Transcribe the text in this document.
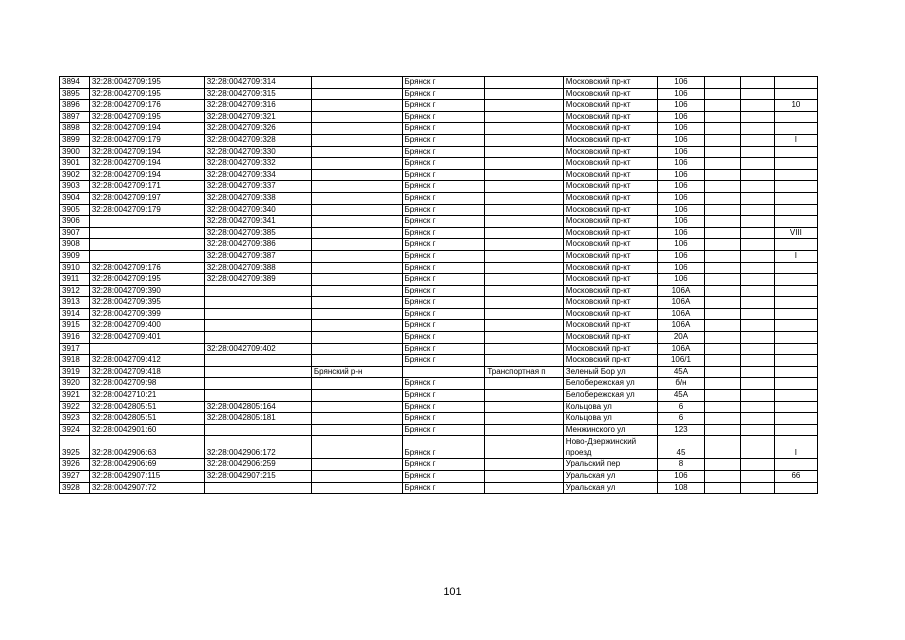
3894	32:28:0042709:195	32:28:0042709:314		Брянск г		Московский пр-кт	106			
3895	32:28:0042709:195	32:28:0042709:315		Брянск г		Московский пр-кт	106			
3896	32:28:0042709:176	32:28:0042709:316		Брянск г		Московский пр-кт	106			10
3897	32:28:0042709:195	32:28:0042709:321		Брянск г		Московский пр-кт	106			
3898	32:28:0042709:194	32:28:0042709:326		Брянск г		Московский пр-кт	106			
3899	32:28:0042709:179	32:28:0042709:328		Брянск г		Московский пр-кт	106			I
3900	32:28:0042709:194	32:28:0042709:330		Брянск г		Московский пр-кт	106			
3901	32:28:0042709:194	32:28:0042709:332		Брянск г		Московский пр-кт	106			
3902	32:28:0042709:194	32:28:0042709:334		Брянск г		Московский пр-кт	106			
3903	32:28:0042709:171	32:28:0042709:337		Брянск г		Московский пр-кт	106			
3904	32:28:0042709:197	32:28:0042709:338		Брянск г		Московский пр-кт	106			
3905	32:28:0042709:179	32:28:0042709:340		Брянск г		Московский пр-кт	106			
3906		32:28:0042709:341		Брянск г		Московский пр-кт	106			
3907		32:28:0042709:385		Брянск г		Московский пр-кт	106			VIII
3908		32:28:0042709:386		Брянск г		Московский пр-кт	106			
3909		32:28:0042709:387		Брянск г		Московский пр-кт	106			I
3910	32:28:0042709:176	32:28:0042709:388		Брянск г		Московский пр-кт	106			
3911	32:28:0042709:195	32:28:0042709:389		Брянск г		Московский пр-кт	106			
3912	32:28:0042709:390			Брянск г		Московский пр-кт	106А			
3913	32:28:0042709:395			Брянск г		Московский пр-кт	106А			
3914	32:28:0042709:399			Брянск г		Московский пр-кт	106А			
3915	32:28:0042709:400			Брянск г		Московский пр-кт	106А			
3916	32:28:0042709:401			Брянск г		Московский пр-кт	20А			
3917		32:28:0042709:402		Брянск г		Московский пр-кт	106А			
3918	32:28:0042709:412			Брянск г		Московский пр-кт	106/1			
3919	32:28:0042709:418		Брянский р-н		Транспортная п	Зеленый Бор ул	45А			
3920	32:28:0042709:98			Брянск г		Белобережская ул	б/н			
3921	32:28:0042710:21			Брянск г		Белобережская ул	45А			
3922	32:28:0042805:51	32:28:0042805:164		Брянск г		Кольцова ул	6			
3923	32:28:0042805:51	32:28:0042805:181		Брянск г		Кольцова ул	6			
3924	32:28:0042901:60			Брянск г		Менжинского ул	123			
3925	32:28:0042906:63	32:28:0042906:172		Брянск г		Ново-Дзержинский проезд	45			I
3926	32:28:0042906:69	32:28:0042906:259		Брянск г		Уральский пер	8			
3927	32:28:0042907:115	32:28:0042907:215		Брянск г		Уральская ул	106			66
3928	32:28:0042907:72			Брянск г		Уральская ул	108			
101
